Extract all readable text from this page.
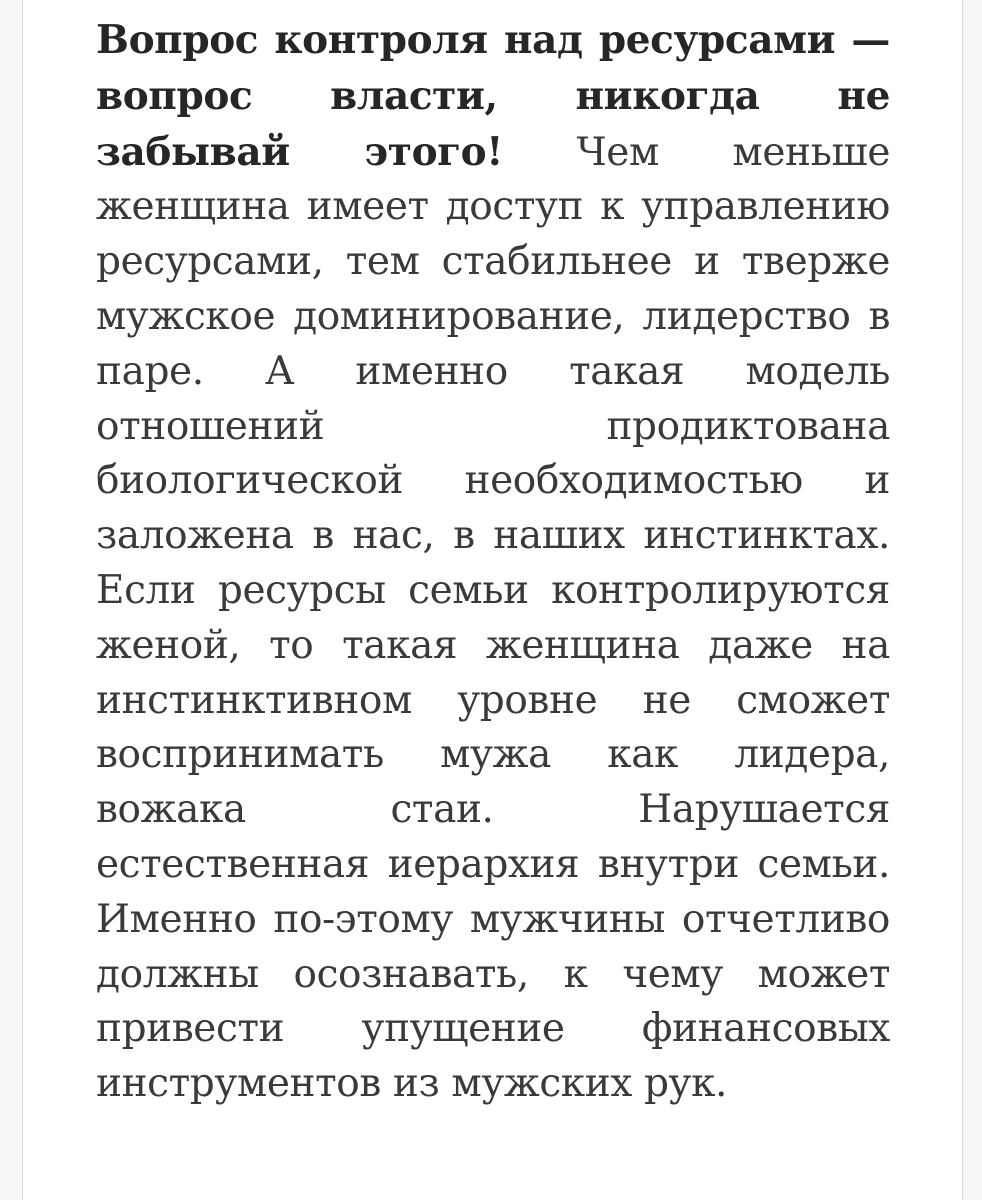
Вопрос контроля над ресурсами — вопрос власти, никогда не забывай этого! Чем меньше женщина имеет доступ к управлению ресурсами, тем стабильнее и тверже мужское доминирование, лидерство в паре. А именно такая модель отношений продиктована биологической необходимостью и заложена в нас, в наших инстинктах. Если ресурсы семьи контролируются женой, то такая женщина даже на инстинктивном уровне не сможет воспринимать мужа как лидера, вожака стаи. Нарушается естественная иерархия внутри семьи. Именно по-этому мужчины отчетливо должны осознавать, к чему может привести упущение финансовых инструментов из мужских рук.
